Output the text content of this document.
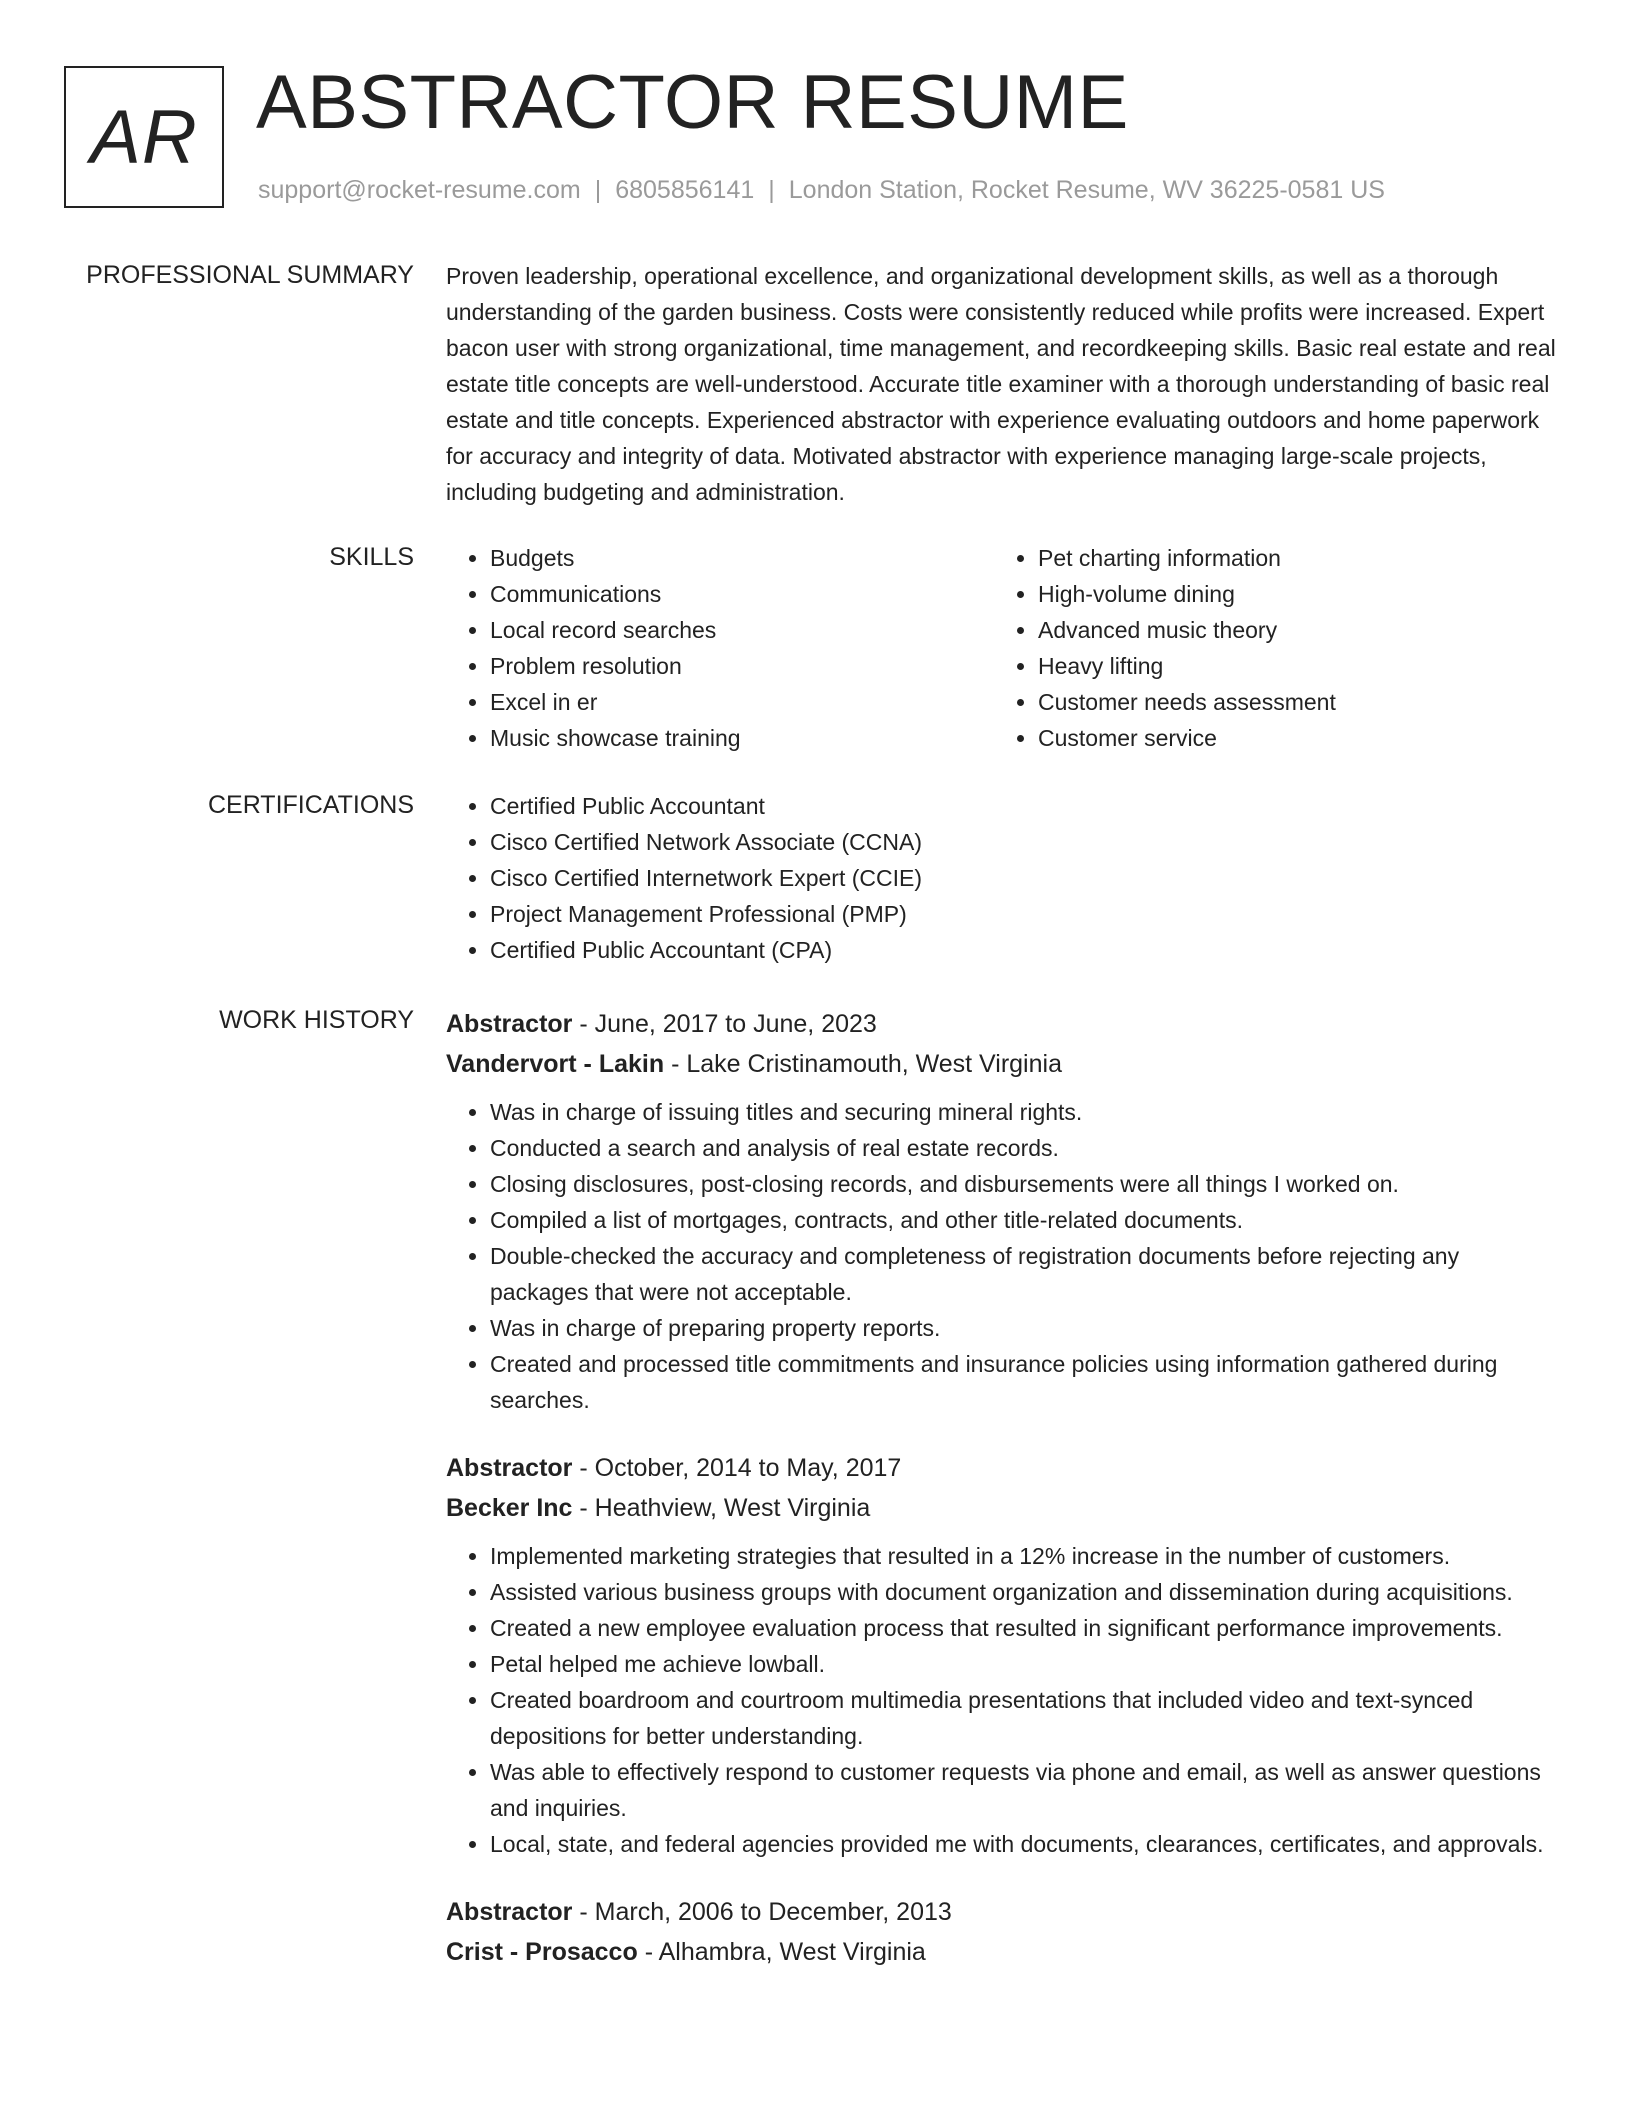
AR ABSTRACTOR RESUME
support@rocket-resume.com | 6805856141 | London Station, Rocket Resume, WV 36225-0581 US
PROFESSIONAL SUMMARY Proven leadership, operational excellence, and organizational development skills, as well as a thorough understanding of the garden business. Costs were consistently reduced while profits were increased. Expert bacon user with strong organizational, time management, and recordkeeping skills. Basic real estate and real estate title concepts are well-understood. Accurate title examiner with a thorough understanding of basic real estate and title concepts. Experienced abstractor with experience evaluating outdoors and home paperwork for accuracy and integrity of data. Motivated abstractor with experience managing large-scale projects, including budgeting and administration.

SKILLS	• Budgets
• Communications
• Local record searches
• Problem resolution
• Excel in er
• Music showcase training
• Pet charting information
• High-volume dining
• Advanced music theory
• Heavy lifting
• Customer needs assessment
• Customer service
CERTIFICATIONS	• Certified Public Accountant
• Cisco Certified Network Associate (CCNA)
• Cisco Certified Internetwork Expert (CCIE)
• Project Management Professional (PMP)
• Certified Public Accountant (CPA)
WORK HISTORY Abstractor - June, 2017 to June, 2023
Vandervort - Lakin - Lake Cristinamouth, West Virginia
• Was in charge of issuing titles and securing mineral rights.
• Conducted a search and analysis of real estate records.
• Closing disclosures, post-closing records, and disbursements were all things I worked on.
• Compiled a list of mortgages, contracts, and other title-related documents.
• Double-checked the accuracy and completeness of registration documents before rejecting any packages that were not acceptable.
• Was in charge of preparing property reports.
• Created and processed title commitments and insurance policies using information gathered during searches.
Abstractor - October, 2014 to May, 2017
Becker Inc - Heathview, West Virginia
• Implemented marketing strategies that resulted in a 12% increase in the number of customers.
• Assisted various business groups with document organization and dissemination during acquisitions.
• Created a new employee evaluation process that resulted in significant performance improvements.
• Petal helped me achieve lowball.
• Created boardroom and courtroom multimedia presentations that included video and text-synced depositions for better understanding.
• Was able to effectively respond to customer requests via phone and email, as well as answer questions and inquiries.
• Local, state, and federal agencies provided me with documents, clearances, certificates, and approvals.
Abstractor - March, 2006 to December, 2013
Crist - Prosacco - Alhambra, West Virginia
